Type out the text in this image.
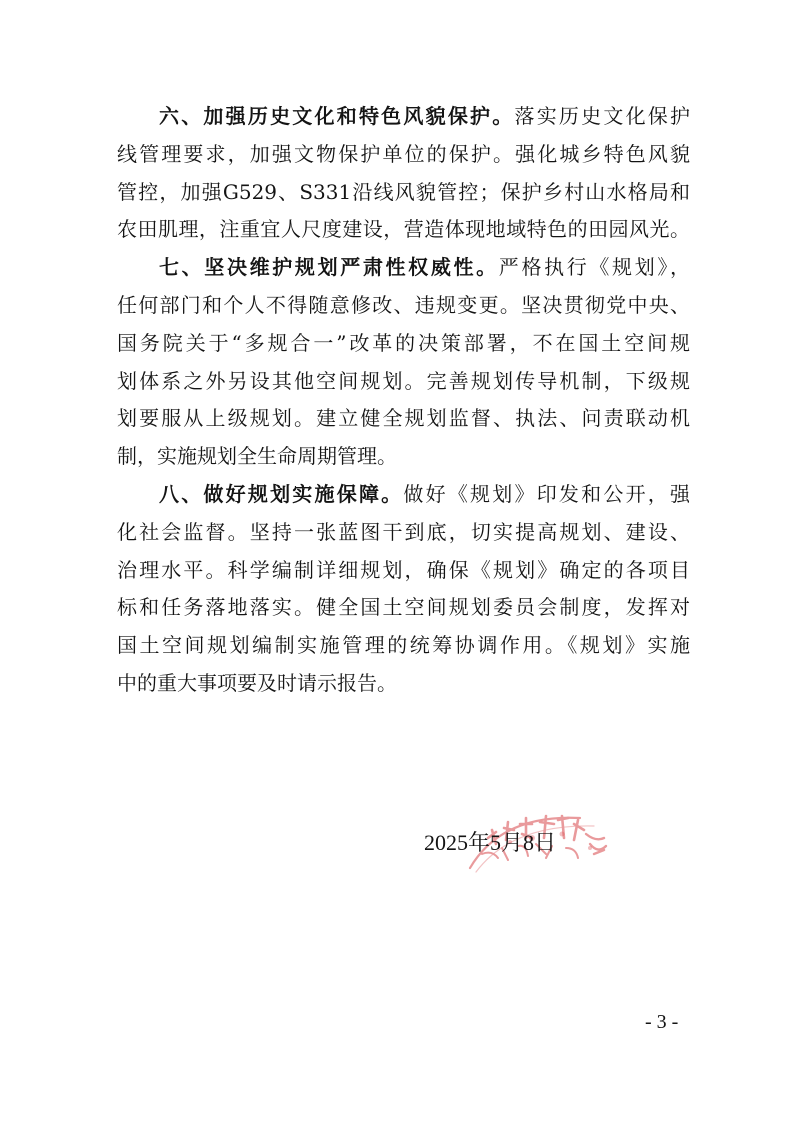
六、加强历史文化和特色风貌保护。落实历史文化保护
线管理要求，加强文物保护单位的保护。强化城乡特色风貌
管控，加强G529、S331沿线风貌管控；保护乡村山水格局和
农田肌理，注重宜人尺度建设，营造体现地域特色的田园风光。
七、坚决维护规划严肃性权威性。严格执行《规划》，
任何部门和个人不得随意修改、违规变更。坚决贯彻党中央、
国务院关于“多规合一”改革的决策部署，不在国土空间规
划体系之外另设其他空间规划。完善规划传导机制，下级规
划要服从上级规划。建立健全规划监督、执法、问责联动机
制，实施规划全生命周期管理。
八、做好规划实施保障。做好《规划》印发和公开，强
化社会监督。坚持一张蓝图干到底，切实提高规划、建设、
治理水平。科学编制详细规划，确保《规划》确定的各项目
标和任务落地落实。健全国土空间规划委员会制度，发挥对
国土空间规划编制实施管理的统筹协调作用。《规划》实施
中的重大事项要及时请示报告。
2025年5月8日
- 3 -
